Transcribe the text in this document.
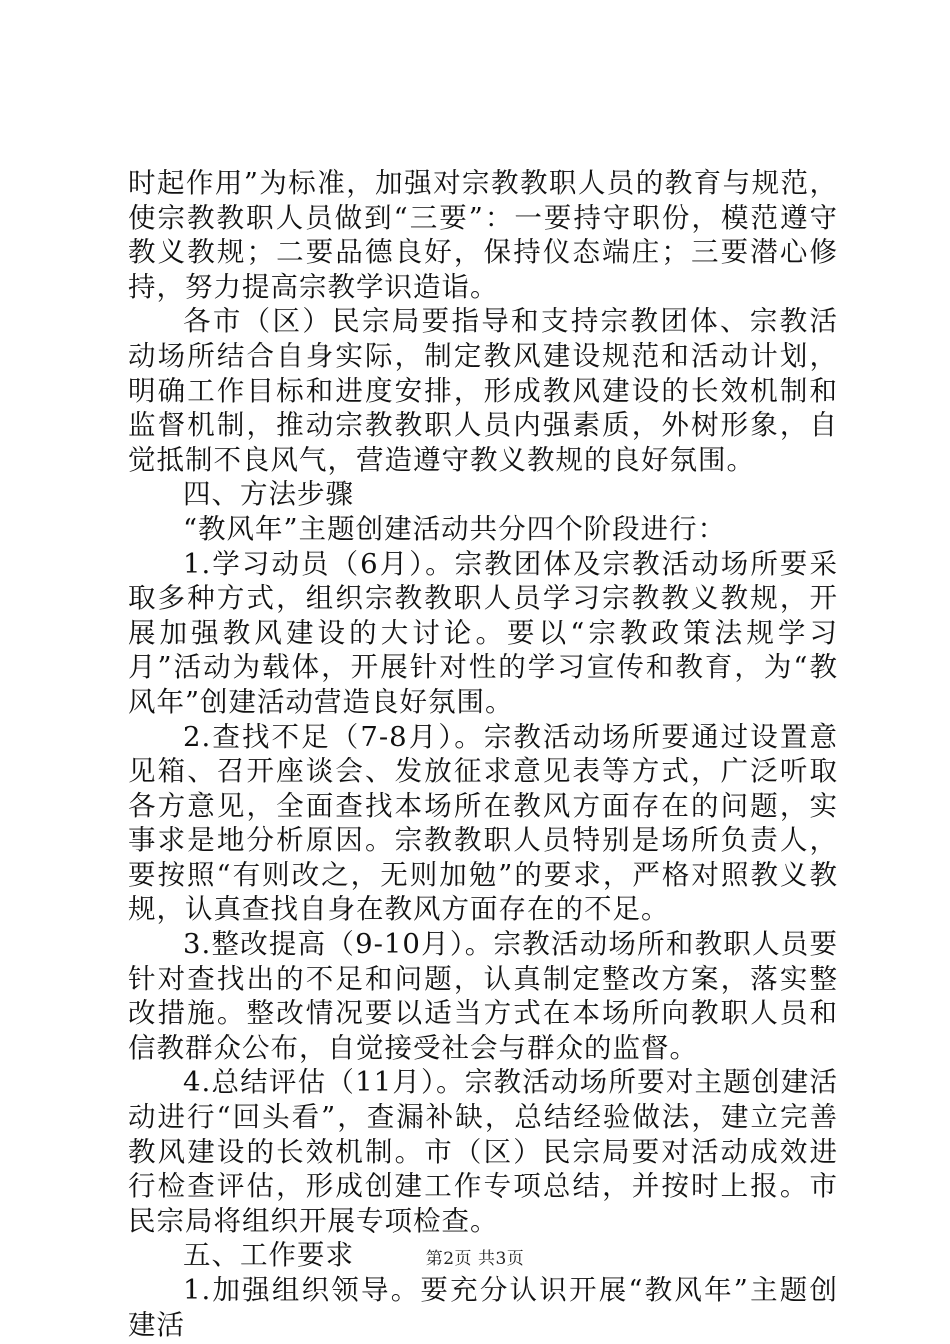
时起作用”为标准，加强对宗教教职人员的教育与规范，使宗教教职人员做到“三要”：一要持守职份，模范遵守教义教规；二要品德良好，保持仪态端庄；三要潜心修持，努力提高宗教学识造诣。

各市（区）民宗局要指导和支持宗教团体、宗教活动场所结合自身实际，制定教风建设规范和活动计划，明确工作目标和进度安排，形成教风建设的长效机制和监督机制，推动宗教教职人员内强素质，外树形象，自觉抵制不良风气，营造遵守教义教规的良好氛围。

四、方法步骤

“教风年”主题创建活动共分四个阶段进行：

1.学习动员（6月）。宗教团体及宗教活动场所要采取多种方式，组织宗教教职人员学习宗教教义教规，开展加强教风建设的大讨论。要以“宗教政策法规学习月”活动为载体，开展针对性的学习宣传和教育，为“教风年”创建活动营造良好氛围。

2.查找不足（7-8月）。宗教活动场所要通过设置意见箱、召开座谈会、发放征求意见表等方式，广泛听取各方意见，全面查找本场所在教风方面存在的问题，实事求是地分析原因。宗教教职人员特别是场所负责人，要按照“有则改之，无则加勉”的要求，严格对照教义教规，认真查找自身在教风方面存在的不足。

3.整改提高（9-10月）。宗教活动场所和教职人员要针对查找出的不足和问题，认真制定整改方案，落实整改措施。整改情况要以适当方式在本场所向教职人员和信教群众公布，自觉接受社会与群众的监督。

4.总结评估（11月）。宗教活动场所要对主题创建活动进行“回头看”，查漏补缺，总结经验做法，建立完善教风建设的长效机制。市（区）民宗局要对活动成效进行检查评估，形成创建工作专项总结，并按时上报。市民宗局将组织开展专项检查。

五、工作要求

1.加强组织领导。要充分认识开展“教风年”主题创建活

第2页 共3页
